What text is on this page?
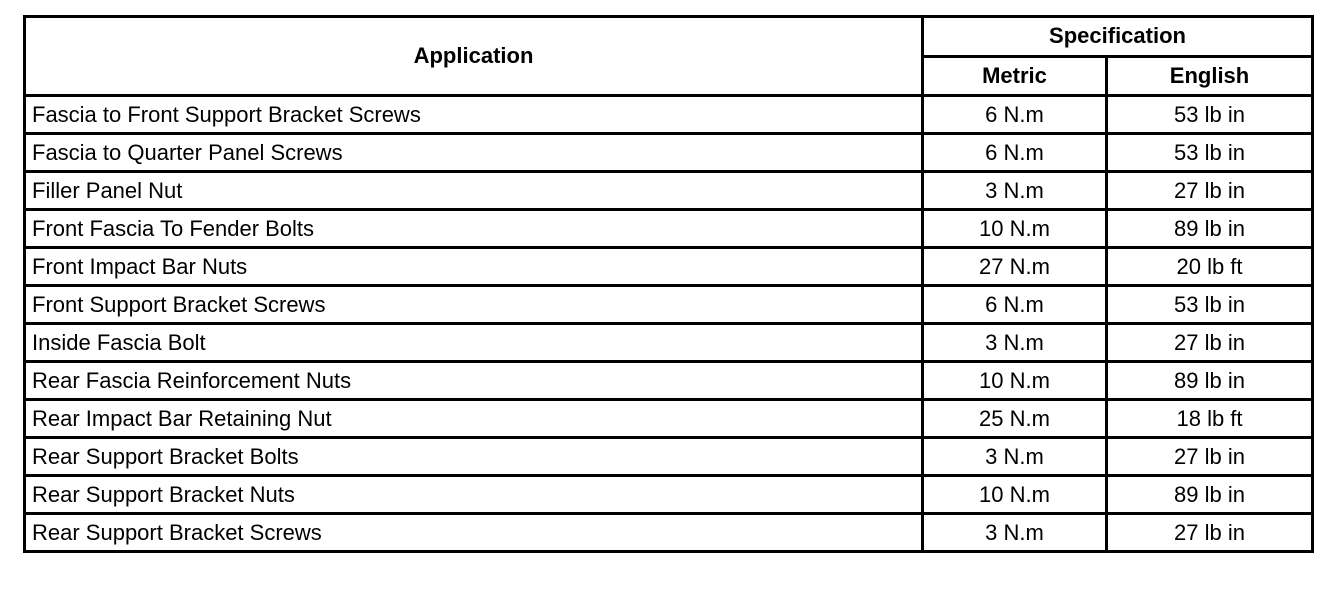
Application	Specification	
	Metric	English
Fascia to Front Support Bracket Screws	6 N.m	53 lb in
Fascia to Quarter Panel Screws	6 N.m	53 lb in
Filler Panel Nut	3 N.m	27 lb in
Front Fascia To Fender Bolts	10 N.m	89 lb in
Front Impact Bar Nuts	27 N.m	20 lb ft
Front Support Bracket Screws	6 N.m	53 lb in
Inside Fascia Bolt	3 N.m	27 lb in
Rear Fascia Reinforcement Nuts	10 N.m	89 lb in
Rear Impact Bar Retaining Nut	25 N.m	18 lb ft
Rear Support Bracket Bolts	3 N.m	27 lb in
Rear Support Bracket Nuts	10 N.m	89 lb in
Rear Support Bracket Screws	3 N.m	27 lb in
